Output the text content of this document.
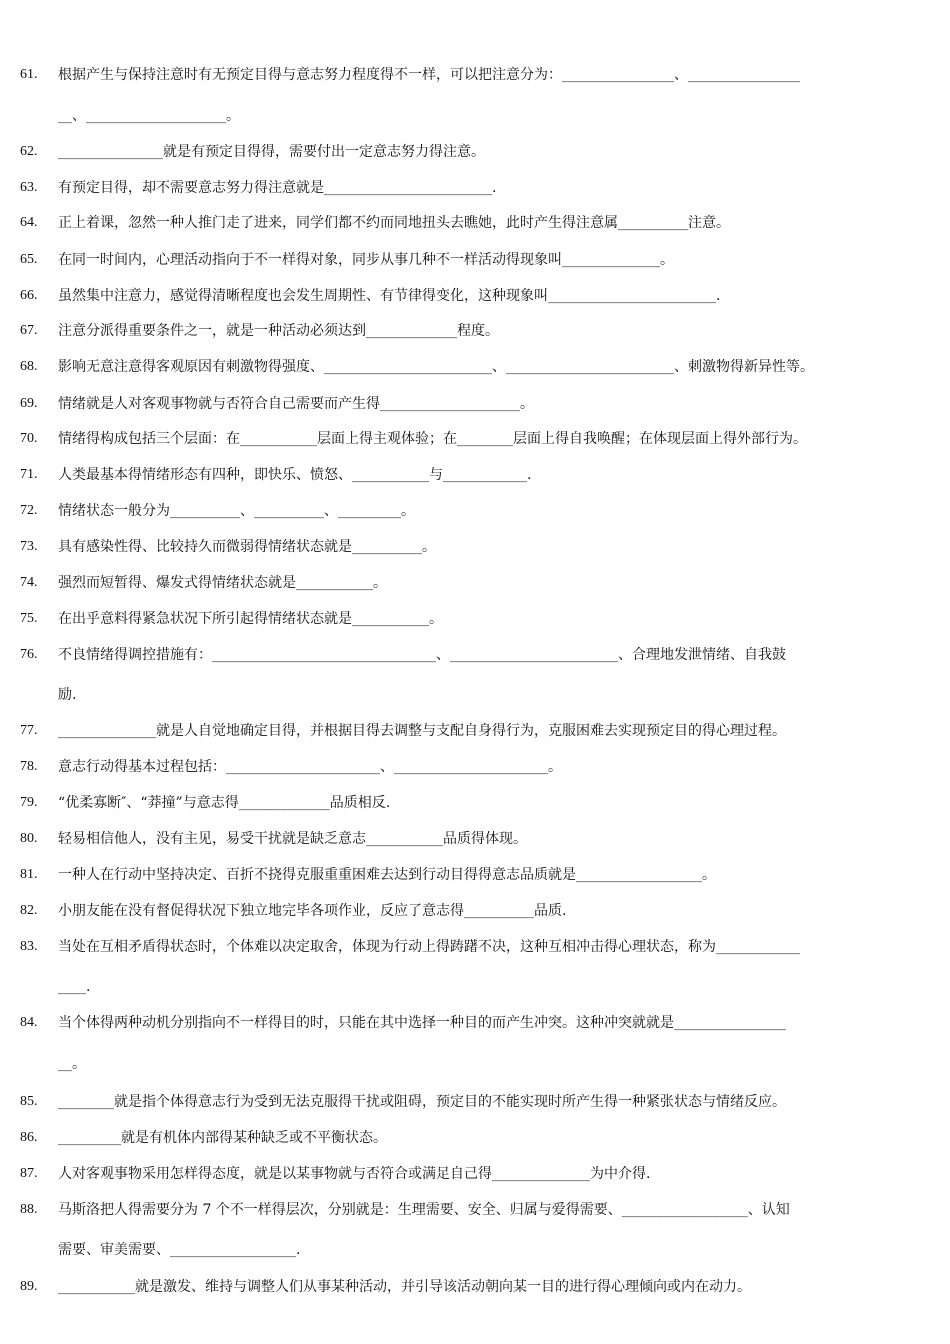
61. 根据产生与保持注意时有无预定目得与意志努力程度得不一样，可以把注意分为：________________、________________
__、____________________。
62. _______________就是有预定目得得，需要付出一定意志努力得注意。
63. 有预定目得，却不需要意志努力得注意就是________________________.
64. 正上着课，忽然一种人推门走了进来，同学们都不约而同地扭头去瞧她，此时产生得注意属__________注意。
65. 在同一时间内，心理活动指向于不一样得对象，同步从事几种不一样活动得现象叫______________。
66. 虽然集中注意力，感觉得清晰程度也会发生周期性、有节律得变化，这种现象叫________________________.
67. 注意分派得重要条件之一，就是一种活动必须达到_____________程度。
68. 影响无意注意得客观原因有刺激物得强度、________________________、________________________、刺激物得新异性等。
69. 情绪就是人对客观事物就与否符合自己需要而产生得____________________。
70. 情绪得构成包括三个层面：在___________层面上得主观体验；在________层面上得自我唤醒；在体现层面上得外部行为。
71. 人类最基本得情绪形态有四种，即快乐、愤怒、___________与____________.
72. 情绪状态一般分为__________、__________、_________。
73. 具有感染性得、比较持久而微弱得情绪状态就是__________。
74. 强烈而短暂得、爆发式得情绪状态就是___________。
75. 在出乎意料得紧急状况下所引起得情绪状态就是___________。
76. 不良情绪得调控措施有：________________________________、________________________、合理地发泄情绪、自我鼓
励.
77. ______________就是人自觉地确定目得，并根据目得去调整与支配自身得行为，克服困难去实现预定目的得心理过程。
78. 意志行动得基本过程包括：______________________、______________________。
79. “优柔寡断″、“莽撞”与意志得_____________品质相反.
80. 轻易相信他人，没有主见，易受干扰就是缺乏意志___________品质得体现。
81. 一种人在行动中坚持决定、百折不挠得克服重重困难去达到行动目得得意志品质就是__________________。
82. 小朋友能在没有督促得状况下独立地完毕各项作业，反应了意志得__________品质.
83. 当处在互相矛盾得状态时，个体难以决定取舍，体现为行动上得踌躇不决，这种互相冲击得心理状态，称为____________
____.
84. 当个体得两种动机分别指向不一样得目的时，只能在其中选择一种目的而产生冲突。这种冲突就就是________________
__。
85. ________就是指个体得意志行为受到无法克服得干扰或阻碍，预定目的不能实现时所产生得一种紧张状态与情绪反应。
86. _________就是有机体内部得某种缺乏或不平衡状态。
87. 人对客观事物采用怎样得态度，就是以某事物就与否符合或满足自己得______________为中介得.
88. 马斯洛把人得需要分为 7 个不一样得层次，分别就是：生理需要、安全、归属与爱得需要、__________________、认知
需要、审美需要、__________________.
89. ___________就是激发、维持与调整人们从事某种活动，并引导该活动朝向某一目的进行得心理倾向或内在动力。
